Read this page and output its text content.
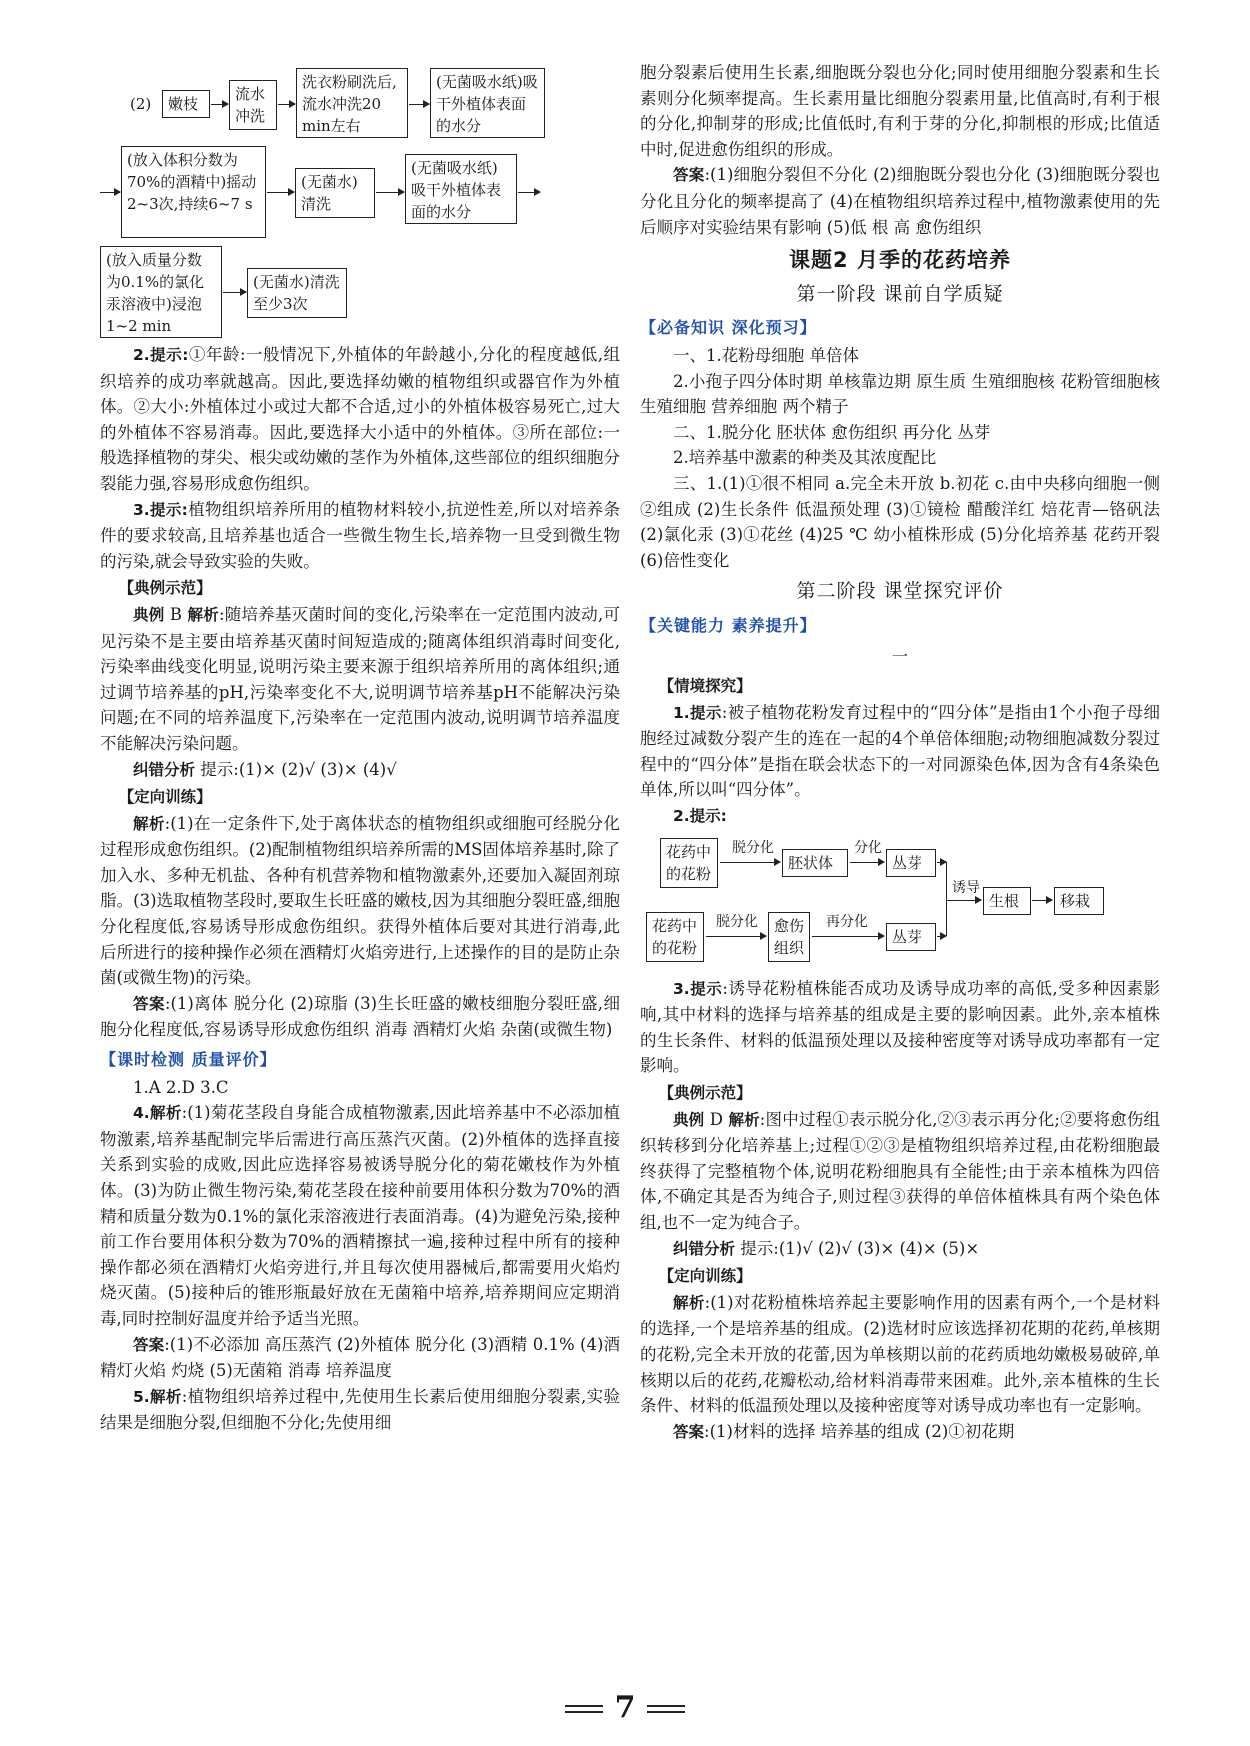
(2)	嫩枝
流水冲洗
洗衣粉刷洗后,流水冲洗20 min左右
(无菌吸水纸)吸干外植体表面的水分
(放入体积分数为70%的酒精中)摇动2~3次,持续6~7 s
(无菌水)清洗
(无菌吸水纸)吸干外植体表面的水分
(放入质量分数为0.1%的氯化汞溶液中)浸泡1~2 min
(无菌水)清洗至少3次

2.提示:①年龄:一般情况下,外植体的年龄越小,分化的程度越低,组织培养的成功率就越高。因此,要选择幼嫩的植物组织或器官作为外植体。②大小:外植体过小或过大都不合适,过小的外植体极容易死亡,过大的外植体不容易消毒。因此,要选择大小适中的外植体。③所在部位:一般选择植物的芽尖、根尖或幼嫩的茎作为外植体,这些部位的组织细胞分裂能力强,容易形成愈伤组织。

3.提示:植物组织培养所用的植物材料较小,抗逆性差,所以对培养条件的要求较高,且培养基也适合一些微生物生长,培养物一旦受到微生物的污染,就会导致实验的失败。

【典例示范】

典例 B 解析:随培养基灭菌时间的变化,污染率在一定范围内波动,可见污染不是主要由培养基灭菌时间短造成的;随离体组织消毒时间变化,污染率曲线变化明显,说明污染主要来源于组织培养所用的离体组织;通过调节培养基的pH,污染率变化不大,说明调节培养基pH不能解决污染问题;在不同的培养温度下,污染率在一定范围内波动,说明调节培养温度不能解决污染问题。

纠错分析 提示:(1)× (2)√ (3)× (4)√

【定向训练】

解析:(1)在一定条件下,处于离体状态的植物组织或细胞可经脱分化过程形成愈伤组织。(2)配制植物组织培养所需的MS固体培养基时,除了加入水、多种无机盐、各种有机营养物和植物激素外,还要加入凝固剂琼脂。(3)选取植物茎段时,要取生长旺盛的嫩枝,因为其细胞分裂旺盛,细胞分化程度低,容易诱导形成愈伤组织。获得外植体后要对其进行消毒,此后所进行的接种操作必须在酒精灯火焰旁进行,上述操作的目的是防止杂菌(或微生物)的污染。

答案:(1)离体 脱分化 (2)琼脂 (3)生长旺盛的嫩枝细胞分裂旺盛,细胞分化程度低,容易诱导形成愈伤组织 消毒 酒精灯火焰 杂菌(或微生物)

【课时检测 质量评价】

1.A 2.D 3.C

4.解析:(1)菊花茎段自身能合成植物激素,因此培养基中不必添加植物激素,培养基配制完毕后需进行高压蒸汽灭菌。(2)外植体的选择直接关系到实验的成败,因此应选择容易被诱导脱分化的菊花嫩枝作为外植体。(3)为防止微生物污染,菊花茎段在接种前要用体积分数为70%的酒精和质量分数为0.1%的氯化汞溶液进行表面消毒。(4)为避免污染,接种前工作台要用体积分数为70%的酒精擦拭一遍,接种过程中所有的接种操作都必须在酒精灯火焰旁进行,并且每次使用器械后,都需要用火焰灼烧灭菌。(5)接种后的锥形瓶最好放在无菌箱中培养,培养期间应定期消毒,同时控制好温度并给予适当光照。

答案:(1)不必添加 高压蒸汽 (2)外植体 脱分化 (3)酒精 0.1% (4)酒精灯火焰 灼烧 (5)无菌箱 消毒 培养温度

5.解析:植物组织培养过程中,先使用生长素后使用细胞分裂素,实验结果是细胞分裂,但细胞不分化;先使用细

胞分裂素后使用生长素,细胞既分裂也分化;同时使用细胞分裂素和生长素则分化频率提高。生长素用量比细胞分裂素用量,比值高时,有利于根的分化,抑制芽的形成;比值低时,有利于芽的分化,抑制根的形成;比值适中时,促进愈伤组织的形成。

答案:(1)细胞分裂但不分化 (2)细胞既分裂也分化 (3)细胞既分裂也分化且分化的频率提高了 (4)在植物组织培养过程中,植物激素使用的先后顺序对实验结果有影响 (5)低 根 高 愈伤组织

课题2 月季的花药培养
第一阶段 课前自学质疑
【必备知识 深化预习】

一、1.花粉母细胞 单倍体

2.小孢子四分体时期 单核靠边期 原生质 生殖细胞核 花粉管细胞核 生殖细胞 营养细胞 两个精子

二、1.脱分化 胚状体 愈伤组织 再分化 丛芽

2.培养基中激素的种类及其浓度配比

三、1.(1)①很不相同 a.完全未开放 b.初花 c.由中央移向细胞一侧 ②组成 (2)生长条件 低温预处理 (3)①镜检 醋酸洋红 焙花青—铬矾法 (2)氯化汞 (3)①花丝 (4)25 ℃ 幼小植株形成 (5)分化培养基 花药开裂 (6)倍性变化

第二阶段 课堂探究评价
【关键能力 素养提升】
一
【情境探究】

1.提示:被子植物花粉发育过程中的“四分体”是指由1个小孢子母细胞经过减数分裂产生的连在一起的4个单倍体细胞;动物细胞减数分裂过程中的“四分体”是指在联会状态下的一对同源染色体,因为含有4条染色单体,所以叫“四分体”。

2.提示:

花药中的花粉
脱分化
胚状体
分化
丛芽
花药中的花粉
脱分化	愈伤组织
再分化
丛芽
诱导
生根	移栽

3.提示:诱导花粉植株能否成功及诱导成功率的高低,受多种因素影响,其中材料的选择与培养基的组成是主要的影响因素。此外,亲本植株的生长条件、材料的低温预处理以及接种密度等对诱导成功率都有一定影响。

【典例示范】

典例 D 解析:图中过程①表示脱分化,②③表示再分化;②要将愈伤组织转移到分化培养基上;过程①②③是植物组织培养过程,由花粉细胞最终获得了完整植物个体,说明花粉细胞具有全能性;由于亲本植株为四倍体,不确定其是否为纯合子,则过程③获得的单倍体植株具有两个染色体组,也不一定为纯合子。

纠错分析 提示:(1)√ (2)√ (3)× (4)× (5)×

【定向训练】

解析:(1)对花粉植株培养起主要影响作用的因素有两个,一个是材料的选择,一个是培养基的组成。(2)选材时应该选择初花期的花药,单核期的花粉,完全未开放的花蕾,因为单核期以前的花药质地幼嫩极易破碎,单核期以后的花药,花瓣松动,给材料消毒带来困难。此外,亲本植株的生长条件、材料的低温预处理以及接种密度等对诱导成功率也有一定影响。

答案:(1)材料的选择 培养基的组成 (2)①初花期

7
